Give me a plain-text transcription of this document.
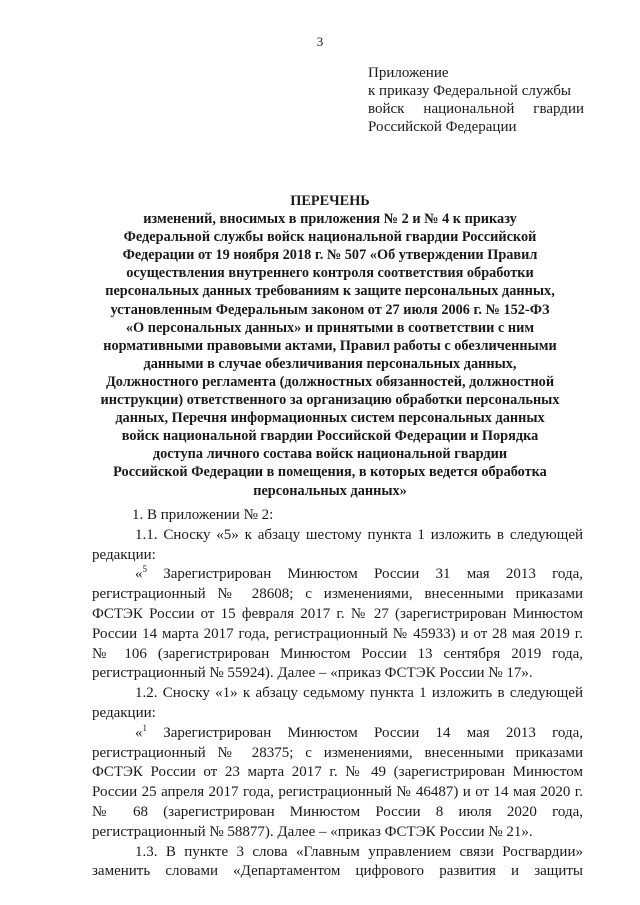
3
Приложение
к приказу Федеральной службы
войск национальной гвардии
Российской Федерации
ПЕРЕЧЕНЬ
изменений, вносимых в приложения № 2 и № 4 к приказу
Федеральной службы войск национальной гвардии Российской
Федерации от 19 ноября 2018 г. № 507 «Об утверждении Правил
осуществления внутреннего контроля соответствия обработки
персональных данных требованиям к защите персональных данных,
установленным Федеральным законом от 27 июля 2006 г. № 152-ФЗ
«О персональных данных» и принятыми в соответствии с ним
нормативными правовыми актами, Правил работы с обезличенными
данными в случае обезличивания персональных данных,
Должностного регламента (должностных обязанностей, должностной
инструкции) ответственного за организацию обработки персональных
данных, Перечня информационных систем персональных данных
войск национальной гвардии Российской Федерации и Порядка
доступа личного состава войск национальной гвардии
Российской Федерации в помещения, в которых ведется обработка
персональных данных»
1. В приложении № 2:
1.1. Сноску «5» к абзацу шестому пункта 1 изложить в следующей
редакции:
«$^5$ Зарегистрирован Минюстом России 31 мая 2013 года,
регистрационный № 28608; с изменениями, внесенными приказами
ФСТЭК России от 15 февраля 2017 г. № 27 (зарегистрирован Минюстом
России 14 марта 2017 года, регистрационный № 45933) и от 28 мая 2019 г.
№ 106 (зарегистрирован Минюстом России 13 сентября 2019 года,
регистрационный № 55924). Далее – «приказ ФСТЭК России № 17».
1.2. Сноску «1» к абзацу седьмому пункта 1 изложить в следующей
редакции:
«$^1$ Зарегистрирован Минюстом России 14 мая 2013 года,
регистрационный № 28375; с изменениями, внесенными приказами
ФСТЭК России от 23 марта 2017 г. № 49 (зарегистрирован Минюстом
России 25 апреля 2017 года, регистрационный № 46487) и от 14 мая 2020 г.
№ 68 (зарегистрирован Минюстом России 8 июля 2020 года,
регистрационный № 58877). Далее – «приказ ФСТЭК России № 21».
1.3. В пункте 3 слова «Главным управлением связи Росгвардии»
заменить словами «Департаментом цифрового развития и защиты
